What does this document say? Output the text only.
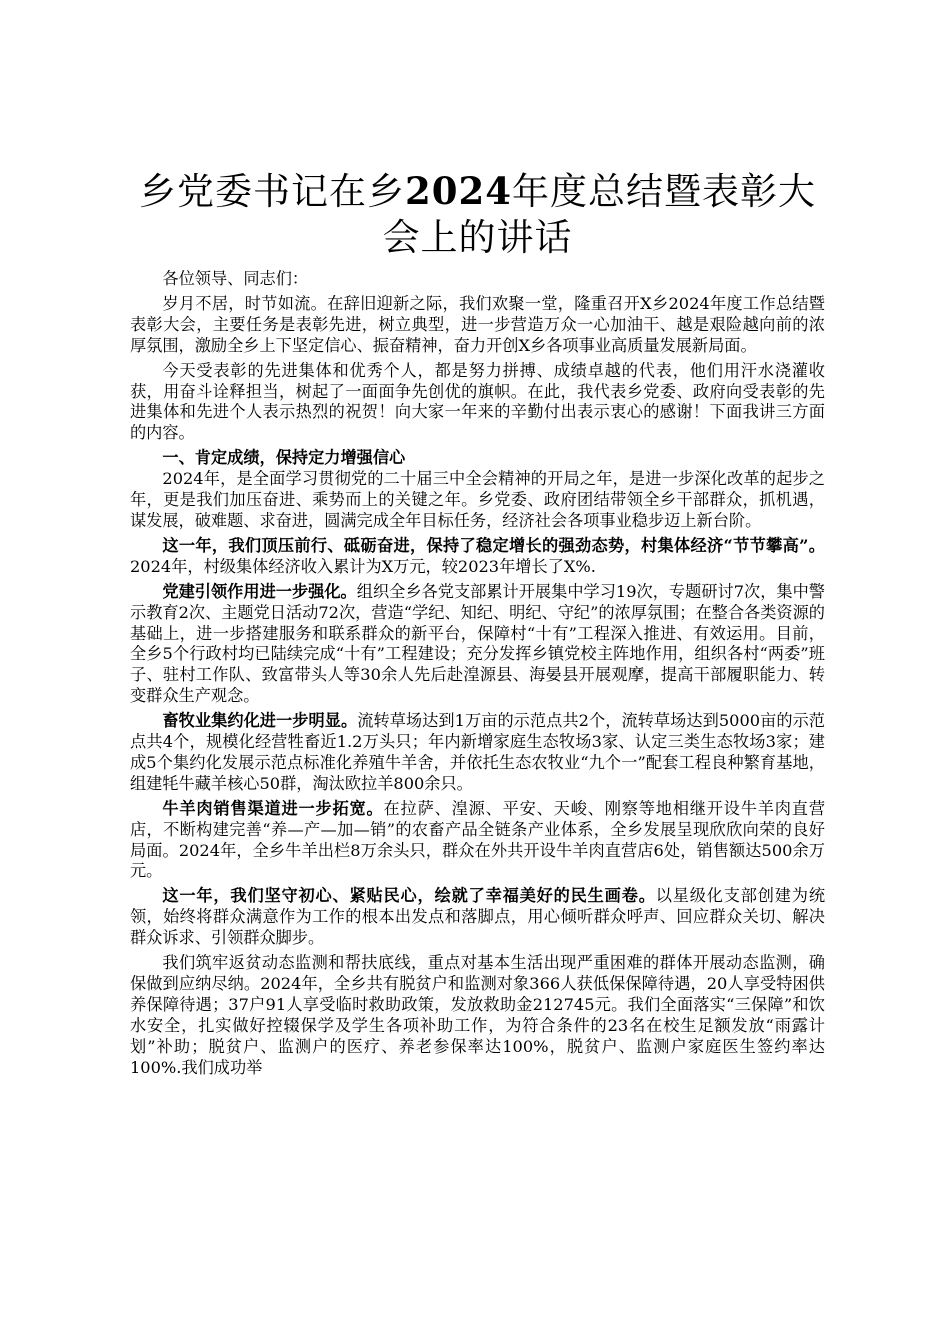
乡党委书记在乡2024年度总结暨表彰大会上的讲话

各位领导、同志们：

岁月不居，时节如流。在辞旧迎新之际，我们欢聚一堂，隆重召开X乡2024年度工作总结暨表彰大会，主要任务是表彰先进，树立典型，进一步营造万众一心加油干、越是艰险越向前的浓厚氛围，激励全乡上下坚定信心、振奋精神，奋力开创X乡各项事业高质量发展新局面。

今天受表彰的先进集体和优秀个人，都是努力拼搏、成绩卓越的代表，他们用汗水浇灌收获，用奋斗诠释担当，树起了一面面争先创优的旗帜。在此，我代表乡党委、政府向受表彰的先进集体和先进个人表示热烈的祝贺！向大家一年来的辛勤付出表示衷心的感谢！下面我讲三方面的内容。

一、肯定成绩，保持定力增强信心

2024年，是全面学习贯彻党的二十届三中全会精神的开局之年，是进一步深化改革的起步之年，更是我们加压奋进、乘势而上的关键之年。乡党委、政府团结带领全乡干部群众，抓机遇，谋发展，破难题、求奋进，圆满完成全年目标任务，经济社会各项事业稳步迈上新台阶。

这一年，我们顶压前行、砥砺奋进，保持了稳定增长的强劲态势，村集体经济“节节攀高”。2024年，村级集体经济收入累计为X万元，较2023年增长了X%.

党建引领作用进一步强化。组织全乡各党支部累计开展集中学习19次，专题研讨7次，集中警示教育2次、主题党日活动72次，营造“学纪、知纪、明纪、守纪”的浓厚氛围；在整合各类资源的基础上，进一步搭建服务和联系群众的新平台，保障村“十有”工程深入推进、有效运用。目前，全乡5个行政村均已陆续完成“十有”工程建设；充分发挥乡镇党校主阵地作用，组织各村“两委”班子、驻村工作队、致富带头人等30余人先后赴湟源县、海晏县开展观摩，提高干部履职能力、转变群众生产观念。

畜牧业集约化进一步明显。流转草场达到1万亩的示范点共2个，流转草场达到5000亩的示范点共4个，规模化经营牲畜近1.2万头只；年内新增家庭生态牧场3家、认定三类生态牧场3家；建成5个集约化发展示范点标准化养殖牛羊舍，并依托生态农牧业“九个一”配套工程良种繁育基地，组建牦牛藏羊核心50群，淘汰欧拉羊800余只。

牛羊肉销售渠道进一步拓宽。在拉萨、湟源、平安、天峻、刚察等地相继开设牛羊肉直营店，不断构建完善“养—产—加—销”的农畜产品全链条产业体系，全乡发展呈现欣欣向荣的良好局面。2024年，全乡牛羊出栏8万余头只，群众在外共开设牛羊肉直营店6处，销售额达500余万元。

这一年，我们坚守初心、紧贴民心，绘就了幸福美好的民生画卷。以星级化支部创建为统领，始终将群众满意作为工作的根本出发点和落脚点，用心倾听群众呼声、回应群众关切、解决群众诉求、引领群众脚步。

我们筑牢返贫动态监测和帮扶底线，重点对基本生活出现严重困难的群体开展动态监测，确保做到应纳尽纳。2024年，全乡共有脱贫户和监测对象366人获低保保障待遇，20人享受特困供养保障待遇；37户91人享受临时救助政策，发放救助金212745元。我们全面落实“三保障”和饮水安全，扎实做好控辍保学及学生各项补助工作，为符合条件的23名在校生足额发放“雨露计划”补助；脱贫户、监测户的医疗、养老参保率达100%，脱贫户、监测户家庭医生签约率达100%.我们成功举
